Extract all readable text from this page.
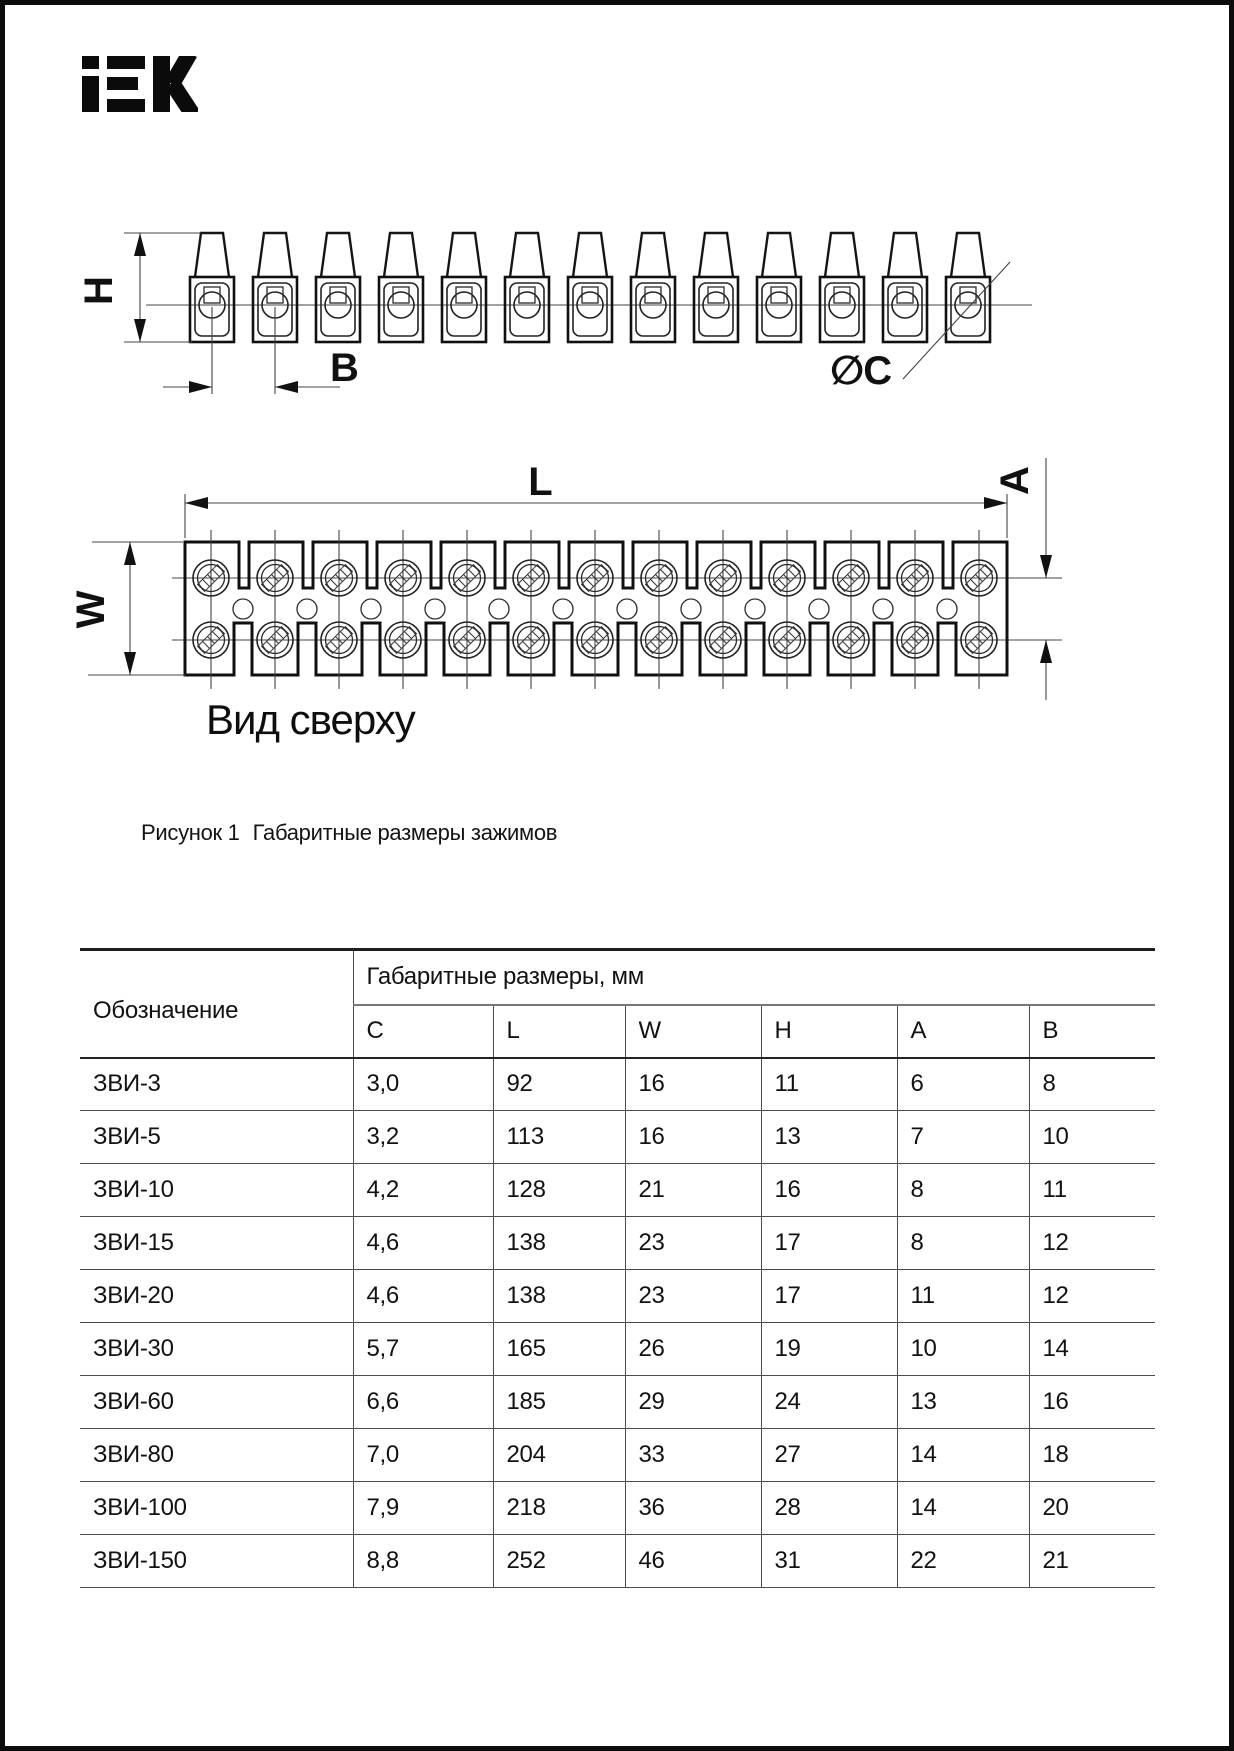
H
B	∅C
L
W
A
Вид сверху
Рисунок 1 Габаритные размеры зажимов
Обозначение	Габаритные размеры, мм					
	C	L	W	H	A	B
ЗВИ-3	3,0	92	16	11	6	8
ЗВИ-5	3,2	113	16	13	7	10
ЗВИ-10	4,2	128	21	16	8	11
ЗВИ-15	4,6	138	23	17	8	12
ЗВИ-20	4,6	138	23	17	11	12
ЗВИ-30	5,7	165	26	19	10	14
ЗВИ-60	6,6	185	29	24	13	16
ЗВИ-80	7,0	204	33	27	14	18
ЗВИ-100	7,9	218	36	28	14	20
ЗВИ-150	8,8	252	46	31	22	21
